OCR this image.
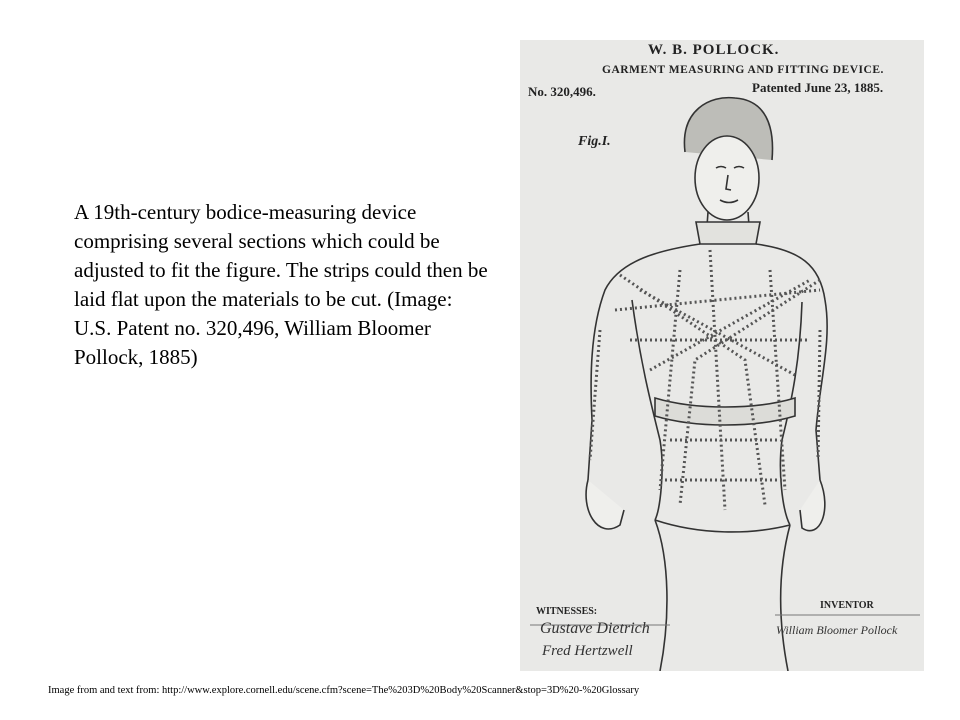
A 19th-century bodice-measuring device comprising several sections which could be adjusted to fit the figure. The strips could then be laid flat upon the materials to be cut. (Image: U.S. Patent no. 320,496, William Bloomer Pollock, 1885)

W. B. POLLOCK.
GARMENT MEASURING AND FITTING DEVICE.
No. 320,496.	Patented June 23, 1885.
Fig.I.
WITNESSES:
Gustave Dietrich
Fred Hertzwell
INVENTOR
William Bloomer Pollock
Image from and text from: http://www.explore.cornell.edu/scene.cfm?scene=The%203D%20Body%20Scanner&stop=3D%20-%20Glossary
